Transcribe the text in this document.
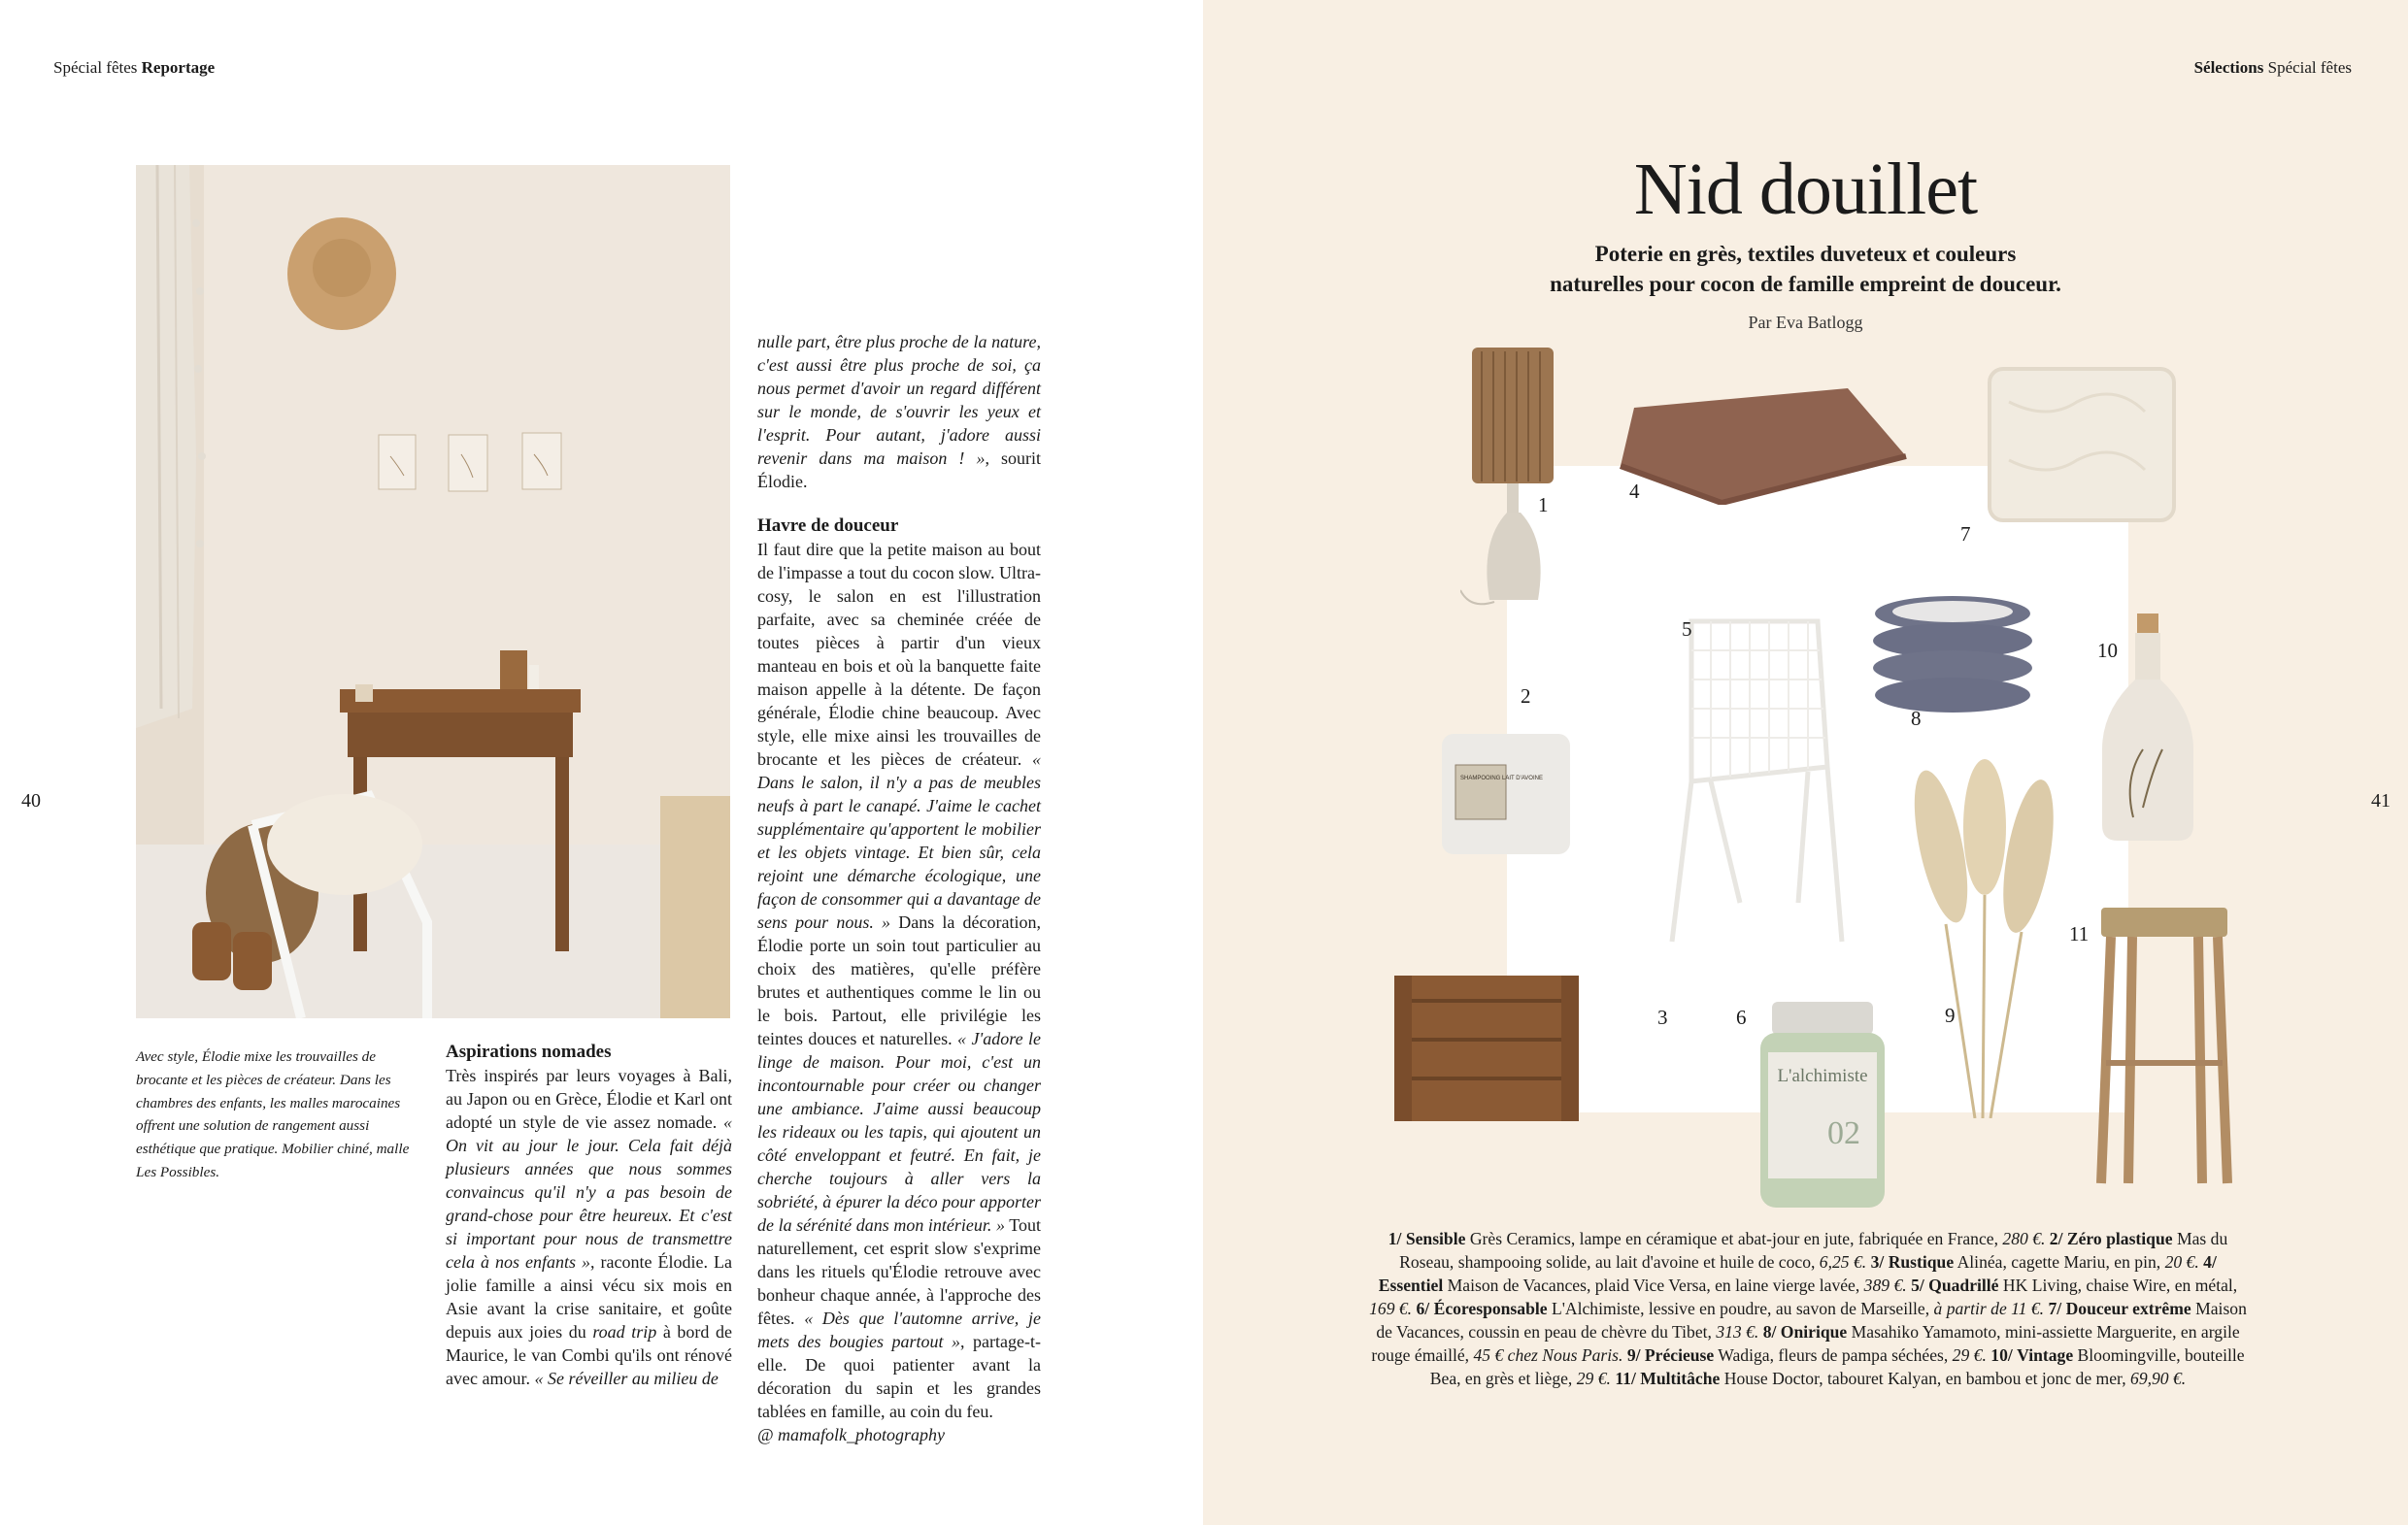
Spécial fêtes Reportage
40
Avec style, Élodie mixe les trouvailles de brocante et les pièces de créateur. Dans les chambres des enfants, les malles marocaines offrent une solution de rangement aussi esthétique que pratique. Mobilier chiné, malle Les Possibles.

Aspirations nomades

Très inspirés par leurs voyages à Bali, au Japon ou en Grèce, Élodie et Karl ont adopté un style de vie assez nomade. « On vit au jour le jour. Cela fait déjà plusieurs années que nous sommes convaincus qu'il n'y a pas besoin de grand-chose pour être heureux. Et c'est si important pour nous de transmettre cela à nos enfants », raconte Élodie. La jolie famille a ainsi vécu six mois en Asie avant la crise sanitaire, et goûte depuis aux joies du road trip à bord de Maurice, le van Combi qu'ils ont rénové avec amour. « Se réveiller au milieu de

nulle part, être plus proche de la nature, c'est aussi être plus proche de soi, ça nous permet d'avoir un regard différent sur le monde, de s'ouvrir les yeux et l'esprit. Pour autant, j'adore aussi revenir dans ma maison ! », sourit Élodie.

Havre de douceur

Il faut dire que la petite maison au bout de l'impasse a tout du cocon slow. Ultra-cosy, le salon en est l'illustration parfaite, avec sa cheminée créée de toutes pièces à partir d'un vieux manteau en bois et où la banquette faite maison appelle à la détente. De façon générale, Élodie chine beaucoup. Avec style, elle mixe ainsi les trouvailles de brocante et les pièces de créateur. « Dans le salon, il n'y a pas de meubles neufs à part le canapé. J'aime le cachet supplémentaire qu'apportent le mobilier et les objets vintage. Et bien sûr, cela rejoint une démarche écologique, une façon de consommer qui a davantage de sens pour nous. » Dans la décoration, Élodie porte un soin tout particulier au choix des matières, qu'elle préfère brutes et authentiques comme le lin ou le bois. Partout, elle privilégie les teintes douces et naturelles. « J'adore le linge de maison. Pour moi, c'est un incontournable pour créer ou changer une ambiance. J'aime aussi beaucoup les rideaux ou les tapis, qui ajoutent un côté enveloppant et feutré. En fait, je cherche toujours à aller vers la sobriété, à épurer la déco pour apporter de la sérénité dans mon intérieur. » Tout naturellement, cet esprit slow s'exprime dans les rituels qu'Élodie retrouve avec bonheur chaque année, à l'approche des fêtes. « Dès que l'automne arrive, je mets des bougies partout », partage-t-elle. De quoi patienter avant la décoration du sapin et les grandes tablées en famille, au coin du feu.

@ mamafolk_photography

Sélections Spécial fêtes
41
Nid douillet
Poterie en grès, textiles duveteux et couleurs
naturelles pour cocon de famille empreint de douceur.
Par Eva Batlogg
SHAMPOOING LAIT D'AVOINE
L'alchimiste
02
1
2
3
4
5
6
7
8
9
10
11
1/ Sensible Grès Ceramics, lampe en céramique et abat-jour en jute, fabriquée en France, 280 €. 2/ Zéro plastique Mas du Roseau, shampooing solide, au lait d'avoine et huile de coco, 6,25 €. 3/ Rustique Alinéa, cagette Mariu, en pin, 20 €. 4/ Essentiel Maison de Vacances, plaid Vice Versa, en laine vierge lavée, 389 €. 5/ Quadrillé HK Living, chaise Wire, en métal, 169 €. 6/ Écoresponsable L'Alchimiste, lessive en poudre, au savon de Marseille, à partir de 11 €. 7/ Douceur extrême Maison de Vacances, coussin en peau de chèvre du Tibet, 313 €. 8/ Onirique Masahiko Yamamoto, mini-assiette Marguerite, en argile rouge émaillé, 45 € chez Nous Paris. 9/ Précieuse Wadiga, fleurs de pampa séchées, 29 €. 10/ Vintage Bloomingville, bouteille Bea, en grès et liège, 29 €. 11/ Multitâche House Doctor, tabouret Kalyan, en bambou et jonc de mer, 69,90 €.
